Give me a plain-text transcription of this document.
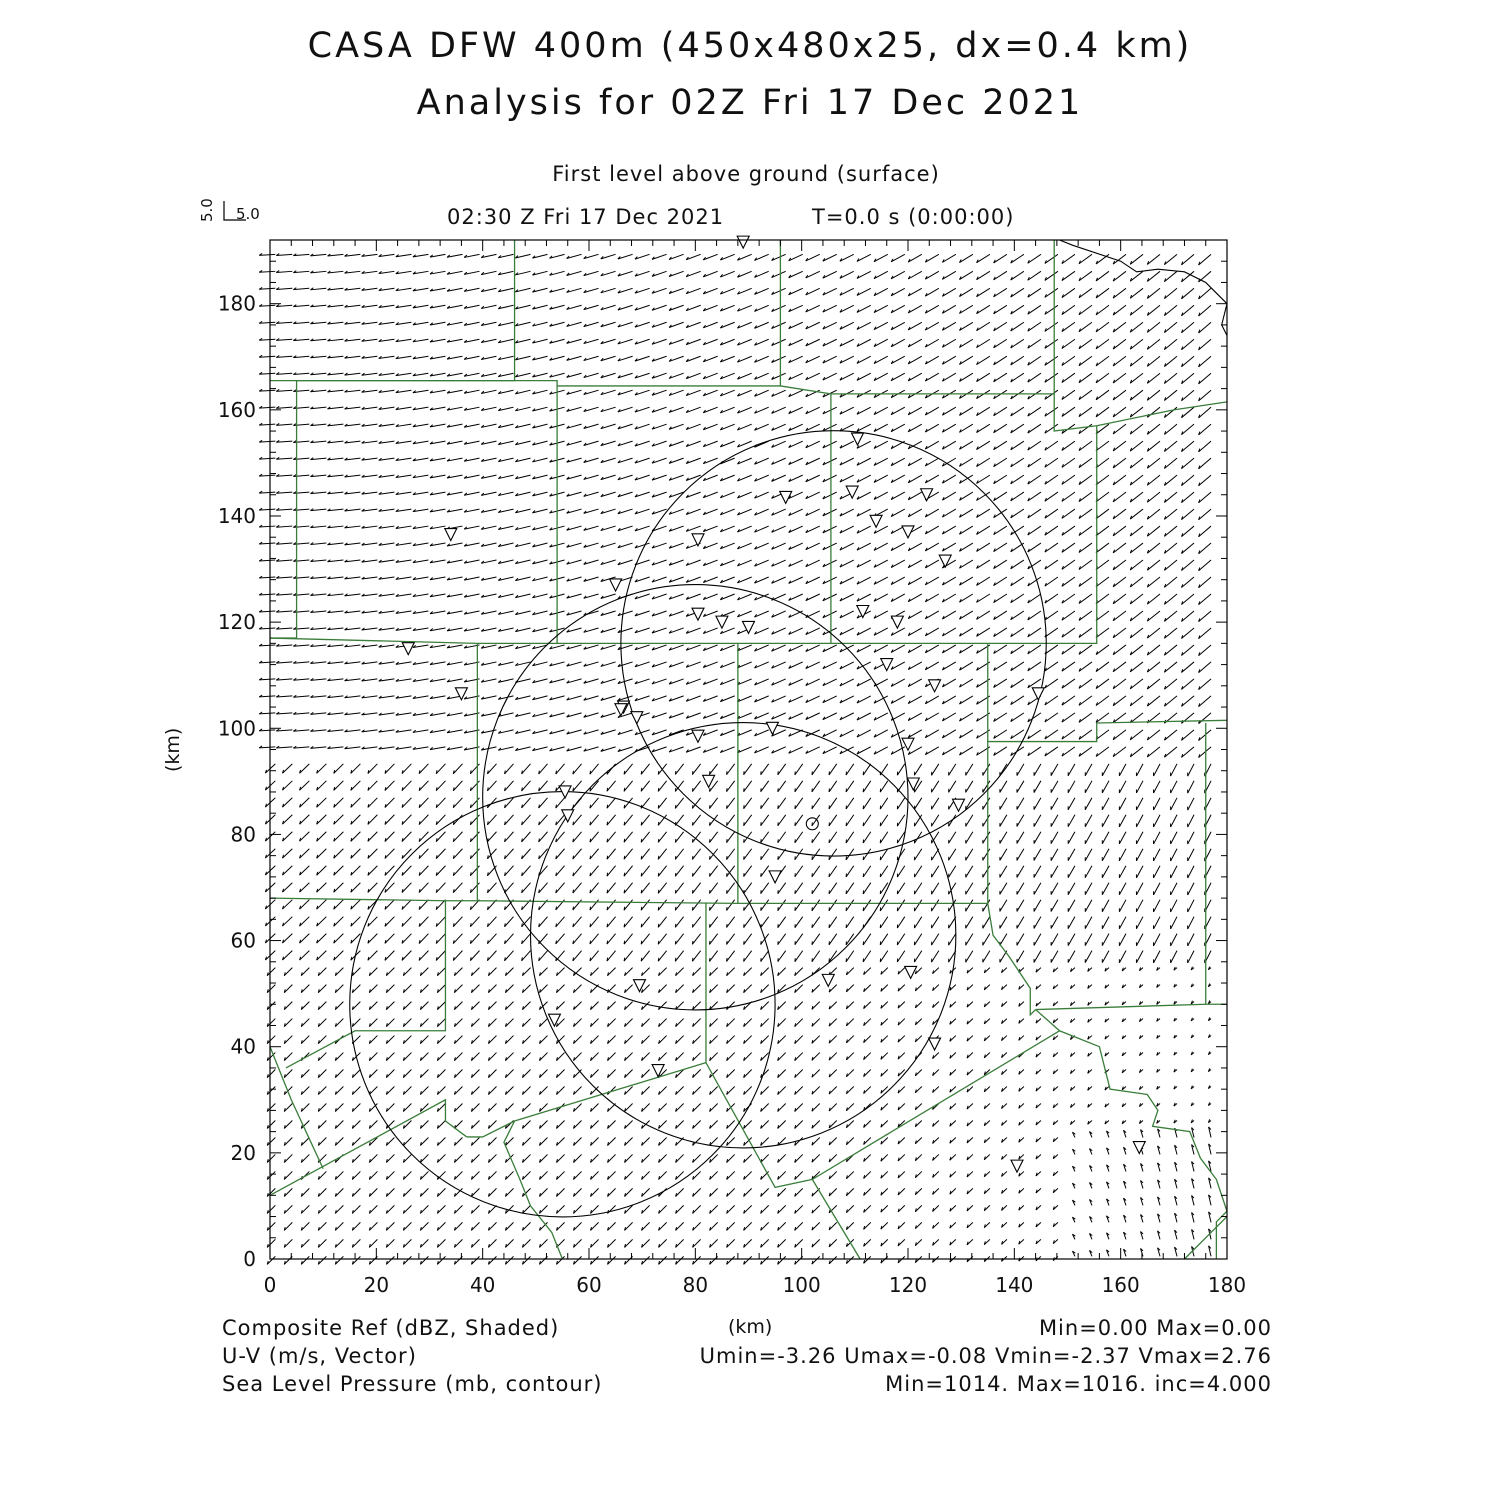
CASA DFW 400m (450x480x25, dx=0.4 km)
Analysis for 02Z Fri 17 Dec 2021
First level above ground (surface)
02:30 Z Fri 17 Dec 2021	T=0.0 s (0:00:00)
5.0 5.0
(km)
(km)
Composite Ref (dBZ, Shaded)	Min=0.00 Max=0.00
U-V (m/s, Vector)	Umin=-3.26 Umax=-0.08 Vmin=-2.37 Vmax=2.76
Sea Level Pressure (mb, contour)	Min=1014. Max=1016. inc=4.000
0	20	40	60	80	100	120	140	160	180
0
20
40
60
80
100
120
140
160
180
